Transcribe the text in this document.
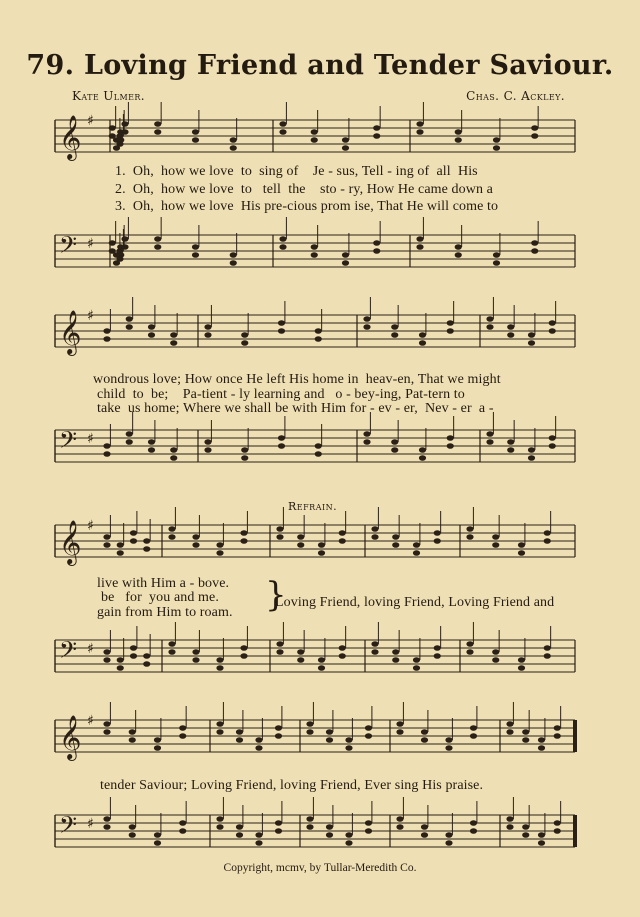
79. Loving Friend and Tender Saviour.
Kate Ulmer.	Chas. C. Ackley.
𝄞 ♯
1.  Oh,  how we love  to  sing of    Je - sus, Tell - ing of  all  His
2.  Oh,  how we love  to   tell  the    sto - ry, How He came down a
3.  Oh,  how we love  His pre-cious prom ise, That He will come to
𝄢 ♯
𝄞 ♯
wondrous love; How once He left His home in  heav-en, That we might
child  to  be;    Pa-tient - ly learning and   o - bey-ing, Pat-tern to
take  us home; Where we shall be with Him for - ev - er,  Nev - er  a -
𝄢 ♯
Refrain.
𝄞 ♯
live with Him a - bove.
be   for  you and me.
gain from Him to roam. }
Loving Friend, loving Friend, Loving Friend and
𝄢 ♯
𝄞 ♯
tender Saviour; Loving Friend, loving Friend, Ever sing His praise.
𝄢 ♯
Copyright, mcmv, by Tullar-Meredith Co.
